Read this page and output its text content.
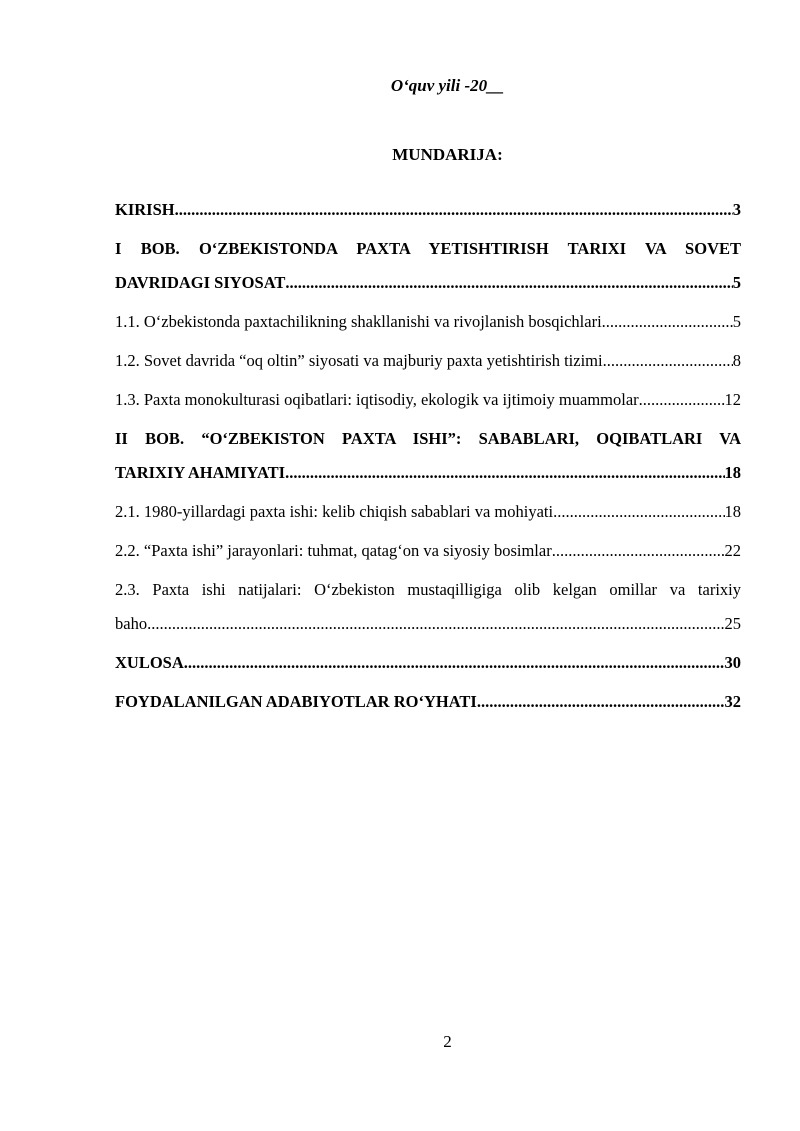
O‘quv yili -20__
MUNDARIJA:
KIRISH .....	3
I BOB. O‘ZBEKISTONDA PAXTA YETISHTIRISH TARIXI VA SOVET
DAVRIDAGI SIYOSAT .....	5
1.1. O‘zbekistonda paxtachilikning shakllanishi va rivojlanish bosqichlari .....	5
1.2. Sovet davrida “oq oltin” siyosati va majburiy paxta yetishtirish tizimi .....	8
1.3. Paxta monokulturasi oqibatlari: iqtisodiy, ekologik va ijtimoiy muammolar .....	12
II BOB. “O‘ZBEKISTON PAXTA ISHI”: SABABLARI, OQIBATLARI VA
TARIXIY AHAMIYATI .....	18
2.1. 1980-yillardagi paxta ishi: kelib chiqish sabablari va mohiyati .....	18
2.2. “Paxta ishi” jarayonlari: tuhmat, qatag‘on va siyosiy bosimlar .....	22
2.3. Paxta ishi natijalari: O‘zbekiston mustaqilligiga olib kelgan omillar va tarixiy
baho .....	25
XULOSA .....	30
FOYDALANILGAN ADABIYOTLAR RO‘YHATI .....	32
2
